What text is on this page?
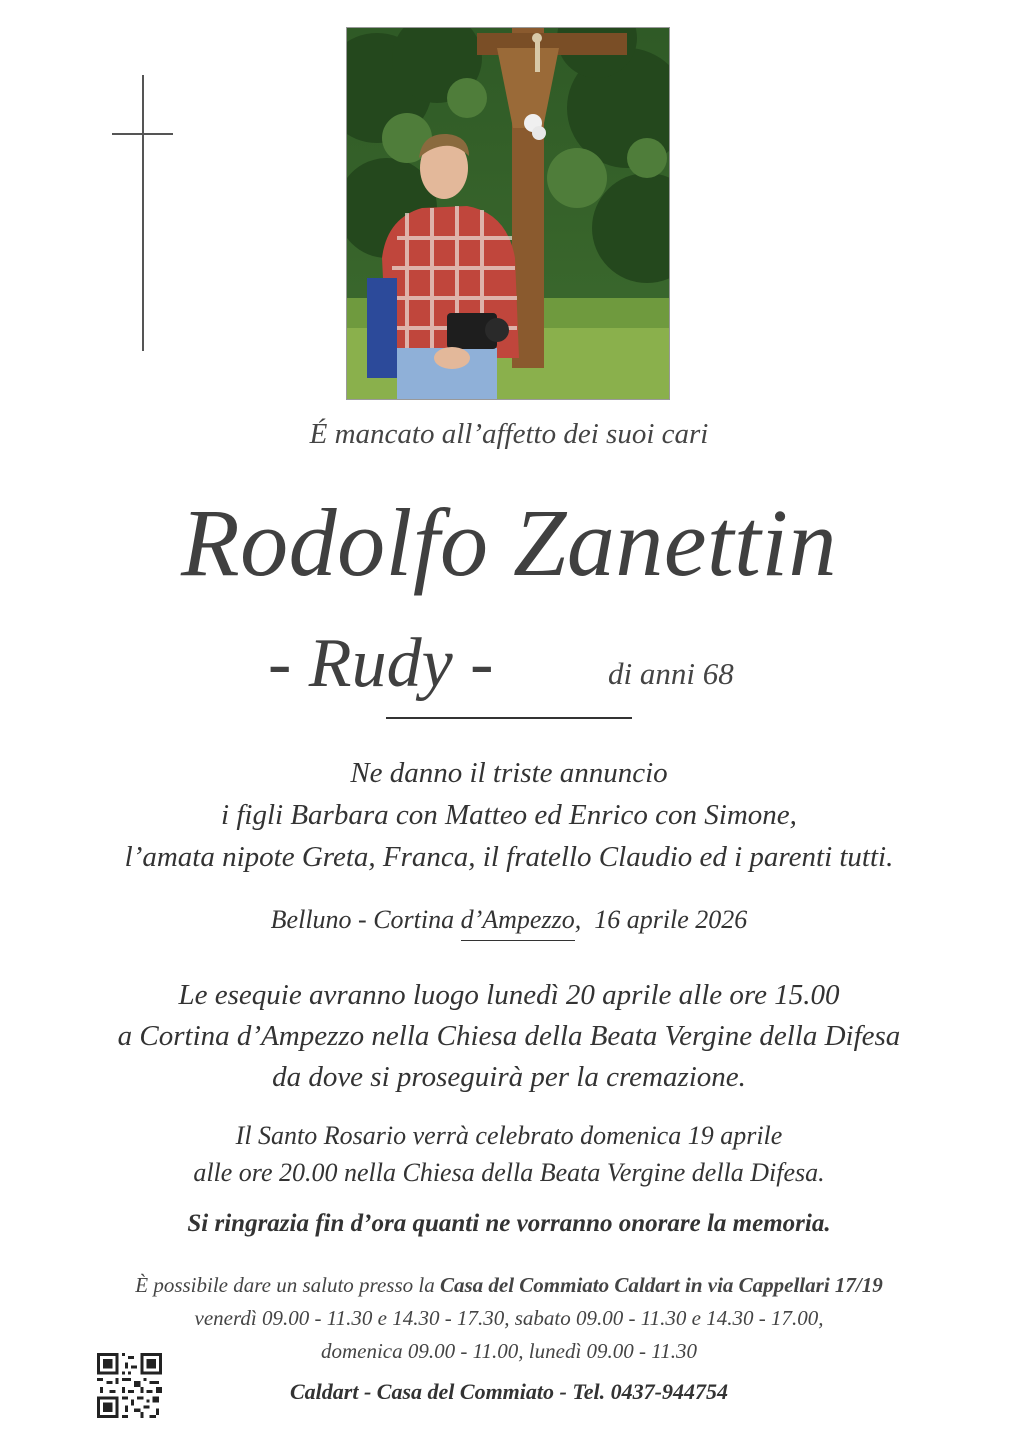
É mancato all’affetto dei suoi cari
Rodolfo Zanettin
- Rudy -	di anni 68
Ne danno il triste annuncio
i figli Barbara con Matteo ed Enrico con Simone,
l’amata nipote Greta, Franca, il fratello Claudio ed i parenti tutti.
Belluno - Cortina d’Ampezzo,  16 aprile 2026
Le esequie avranno luogo lunedì 20 aprile alle ore 15.00
a Cortina d’Ampezzo nella Chiesa della Beata Vergine della Difesa
da dove si proseguirà per la cremazione.
Il Santo Rosario verrà celebrato domenica 19 aprile
alle ore 20.00 nella Chiesa della Beata Vergine della Difesa.
Si ringrazia fin d’ora quanti ne vorranno onorare la memoria.
È possibile dare un saluto presso la Casa del Commiato Caldart in via Cappellari 17/19
venerdì 09.00 - 11.30 e 14.30 - 17.30, sabato 09.00 - 11.30 e 14.30 - 17.00,
domenica 09.00 - 11.00, lunedì 09.00 - 11.30
Caldart - Casa del Commiato - Tel. 0437-944754
